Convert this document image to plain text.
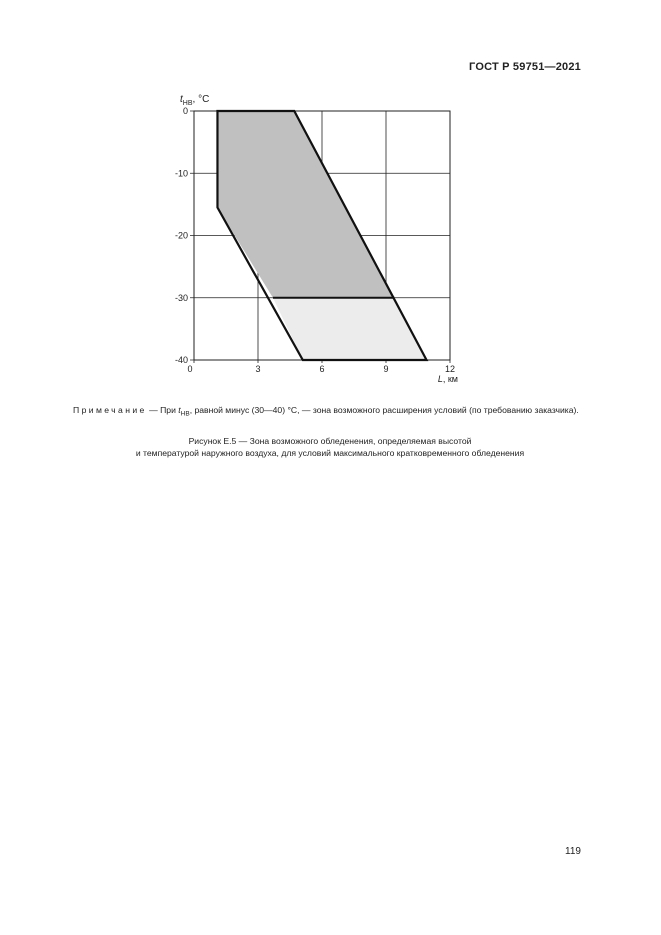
ГОСТ Р 59751—2021
0	3	6	9	12
0
-10
-20
-30
-40
$t_{НВ}$, °C
L, км
Примечание — При $t_{НВ}$, равной минус (30—40) °С, — зона возможного расширения условий (по требованию заказчика).
Рисунок Е.5 — Зона возможного обледенения, определяемая высотой
и температурой наружного воздуха, для условий максимального кратковременного обледенения
119
